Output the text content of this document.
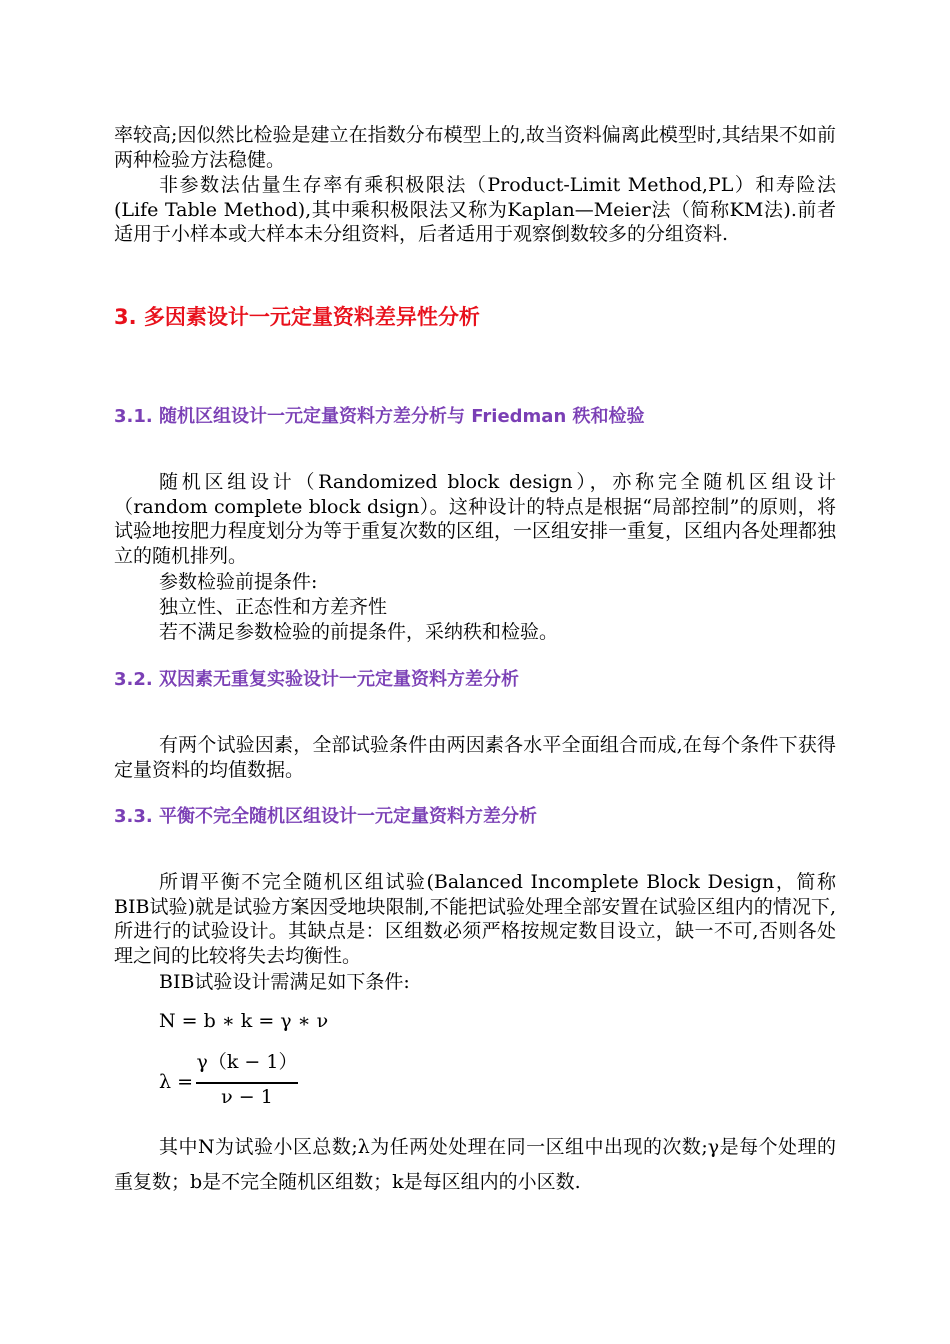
率较高;因似然比检验是建立在指数分布模型上的,故当资料偏离此模型时,其结果不如前两种检验方法稳健。

非参数法估量生存率有乘积极限法（Product-Limit Method,PL）和寿险法(Life Table Method),其中乘积极限法又称为Kaplan—Meier法（简称KM法).前者适用于小样本或大样本未分组资料，后者适用于观察倒数较多的分组资料.

3. 多因素设计一元定量资料差异性分析
3.1. 随机区组设计一元定量资料方差分析与 Friedman 秩和检验

随机区组设计（Randomized block design），亦称完全随机区组设计（random complete block dsign）。这种设计的特点是根据“局部控制”的原则，将试验地按肥力程度划分为等于重复次数的区组，一区组安排一重复，区组内各处理都独立的随机排列。

参数检验前提条件:
独立性、正态性和方差齐性
若不满足参数检验的前提条件，采纳秩和检验。
3.2. 双因素无重复实验设计一元定量资料方差分析

有两个试验因素，全部试验条件由两因素各水平全面组合而成,在每个条件下获得定量资料的均值数据。

3.3. 平衡不完全随机区组设计一元定量资料方差分析

所谓平衡不完全随机区组试验(Balanced Incomplete Block Design，简称BIB试验)就是试验方案因受地块限制,不能把试验处理全部安置在试验区组内的情况下,所进行的试验设计。其缺点是：区组数必须严格按规定数目设立，缺一不可,否则各处理之间的比较将失去均衡性。

BIB试验设计需满足如下条件:
N = b ∗ k = γ ∗ ν
λ =
γ（k − 1）
ν − 1

其中N为试验小区总数;λ为任两处处理在同一区组中出现的次数;γ是每个处理的重复数；b是不完全随机区组数；k是每区组内的小区数.
